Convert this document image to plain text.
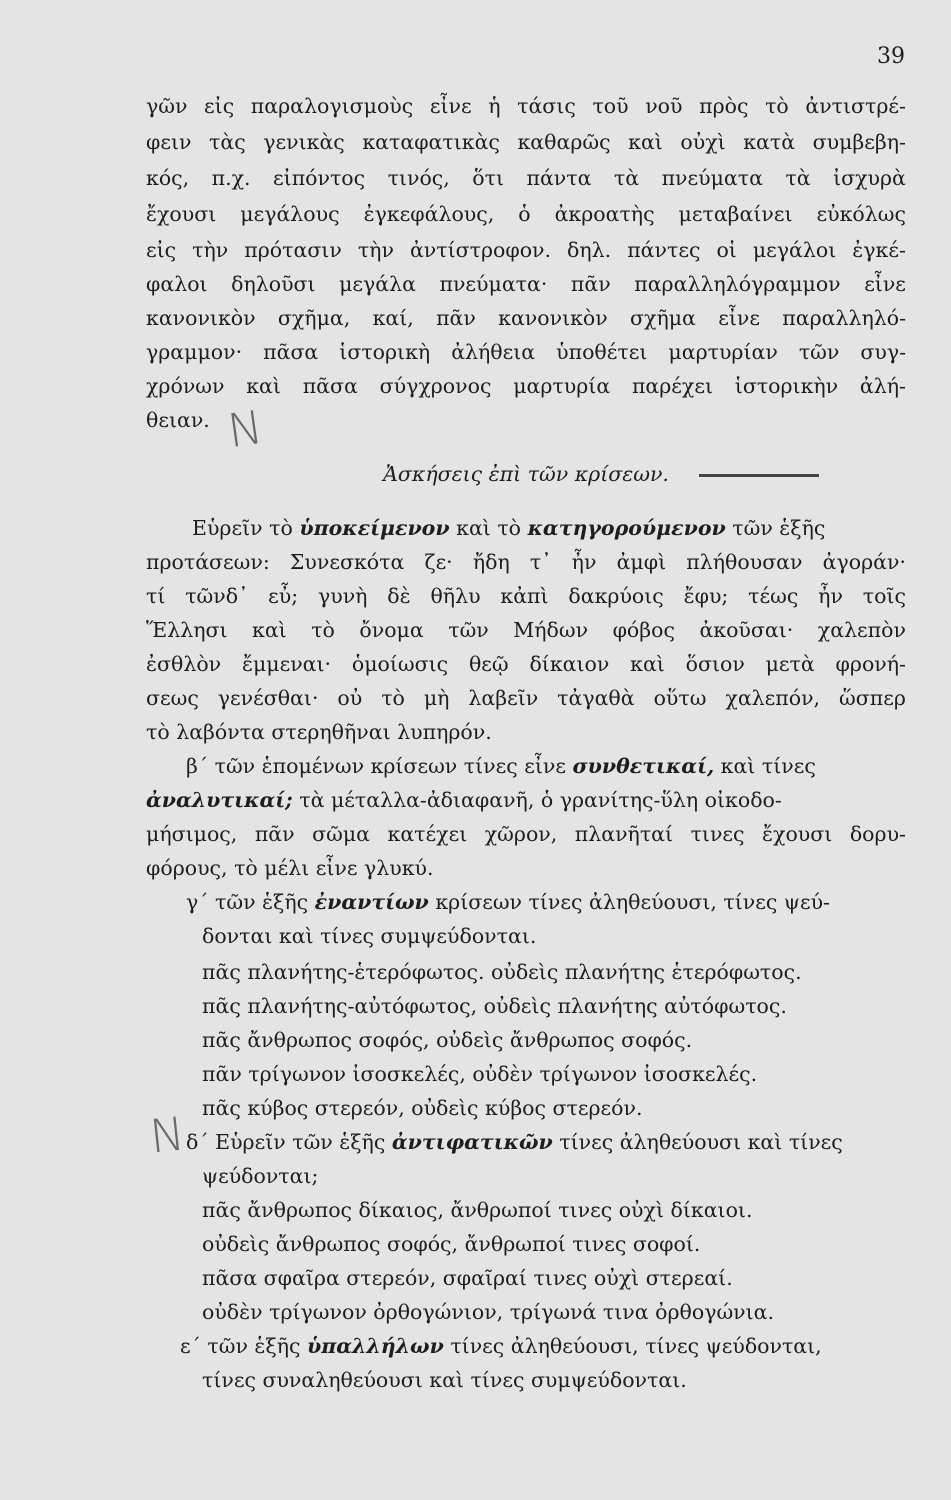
39
N
N
γῶν εἰς παραλογισμοὺς εἶνε ἡ τάσις τοῦ νοῦ πρὸς τὸ ἀντιστρέ-
φειν τὰς γενικὰς καταφατικὰς καθαρῶς καὶ οὐχὶ κατὰ συμβεβη-
κός, π.χ. εἰπόντος τινός, ὅτι πάντα τὰ πνεύματα τὰ ἰσχυρὰ
ἔχουσι μεγάλους ἐγκεφάλους, ὁ ἀκροατὴς μεταβαίνει εὐκόλως
εἰς τὴν πρότασιν τὴν ἀντίστροφον. δηλ. πάντες οἱ μεγάλοι ἐγκέ-
φαλοι δηλοῦσι μεγάλα πνεύματα· πᾶν παραλληλόγραμμον εἶνε
κανονικὸν σχῆμα, καί, πᾶν κανονικὸν σχῆμα εἶνε παραλληλό-
γραμμον· πᾶσα ἱστορικὴ ἀλήθεια ὑποθέτει μαρτυρίαν τῶν συγ-
χρόνων καὶ πᾶσα σύγχρονος μαρτυρία παρέχει ἱστορικὴν ἀλή-
θειαν.
Ἀσκήσεις ἐπὶ τῶν κρίσεων.
Εὑρεῖν τὸ ὑποκείμενον καὶ τὸ κατηγορούμενον τῶν ἑξῆς
προτάσεων: Συνεσκότα ζε· ἤδη τ᾽ ἦν ἀμφὶ πλήθουσαν ἀγοράν·
τί τῶνδ᾽ εὖ; γυνὴ δὲ θῆλυ κἀπὶ δακρύοις ἔφυ; τέως ἦν τοῖς
Ἕλλησι καὶ τὸ ὄνομα τῶν Μήδων φόβος ἀκοῦσαι· χαλεπὸν
ἐσθλὸν ἔμμεναι· ὁμοίωσις θεῷ δίκαιον καὶ ὅσιον μετὰ φρονή-
σεως γενέσθαι· οὐ τὸ μὴ λαβεῖν τἀγαθὰ οὕτω χαλεπόν, ὥσπερ
τὸ λαβόντα στερηθῆναι λυπηρόν.
β´ τῶν ἑπομένων κρίσεων τίνες εἶνε συνθετικαί, καὶ τίνες
ἀναλυτικαί; τὰ μέταλλα-ἀδιαφανῆ, ὁ γρανίτης-ὕλη οἰκοδο-
μήσιμος, πᾶν σῶμα κατέχει χῶρον, πλανῆταί τινες ἔχουσι δορυ-
φόρους, τὸ μέλι εἶνε γλυκύ.
γ´ τῶν ἑξῆς ἐναντίων κρίσεων τίνες ἀληθεύουσι, τίνες ψεύ-
δονται καὶ τίνες συμψεύδονται.
πᾶς πλανήτης-ἑτερόφωτος. οὐδεὶς πλανήτης ἑτερόφωτος.
πᾶς πλανήτης-αὐτόφωτος, οὐδεὶς πλανήτης αὐτόφωτος.
πᾶς ἄνθρωπος σοφός, οὐδεὶς ἄνθρωπος σοφός.
πᾶν τρίγωνον ἰσοσκελές, οὐδὲν τρίγωνον ἰσοσκελές.
πᾶς κύβος στερεόν, οὐδεὶς κύβος στερεόν.
δ´ Εὑρεῖν τῶν ἑξῆς ἀντιφατικῶν τίνες ἀληθεύουσι καὶ τίνες
ψεύδονται;
πᾶς ἄνθρωπος δίκαιος, ἄνθρωποί τινες οὐχὶ δίκαιοι.
οὐδεὶς ἄνθρωπος σοφός, ἄνθρωποί τινες σοφοί.
πᾶσα σφαῖρα στερεόν, σφαῖραί τινες οὐχὶ στερεαί.
οὐδὲν τρίγωνον ὀρθογώνιον, τρίγωνά τινα ὀρθογώνια.
ε´ τῶν ἑξῆς ὑπαλλήλων τίνες ἀληθεύουσι, τίνες ψεύδονται,
τίνες συναληθεύουσι καὶ τίνες συμψεύδονται.
